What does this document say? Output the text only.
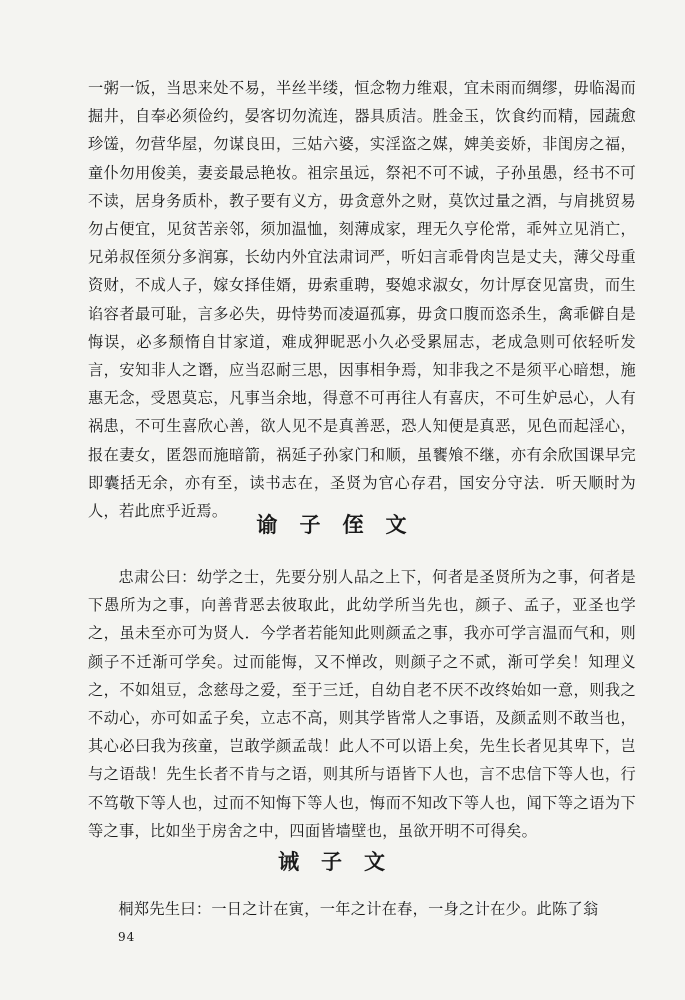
一粥一饭，当思来处不易，半丝半缕，恒念物力维艰，宜未雨而绸缪，毋临渴而掘井，自奉必须俭约，晏客切勿流连，器具质洁。胜金玉，饮食约而精，园蔬愈珍馐，勿营华屋，勿谋良田，三姑六婆，实淫盗之媒，婢美妾娇，非闺房之福，童仆勿用俊美，妻妾最忌艳妆。祖宗虽远，祭祀不可不诚，子孙虽愚，经书不可不读，居身务质朴，教子要有义方，毋贪意外之财，莫饮过量之酒，与肩挑贸易勿占便宜，见贫苦亲邻，须加温恤，刻薄成家，理无久亨伦常，乖舛立见消亡，兄弟叔侄须分多润寡，长幼内外宜法肃词严，听妇言乖骨肉岂是丈夫，薄父母重资财，不成人子，嫁女择佳婿，毋索重聘，娶媳求淑女，勿计厚奁见富贵，而生谄容者最可耻，言多必失，毋恃势而凌逼孤寡，毋贪口腹而恣杀生，禽乖僻自是悔误，必多颓惰自甘家道，难成狎昵恶小久必受累屈志，老成急则可依轻听发言，安知非人之谮，应当忍耐三思，因事相争焉，知非我之不是须平心暗想，施惠无念，受恩莫忘，凡事当余地，得意不可再往人有喜庆，不可生妒忌心，人有祸患，不可生喜欣心善，欲人见不是真善恶，恐人知便是真恶，见色而起淫心，报在妻女，匿怨而施暗箭，祸延子孙家门和顺，虽饔飧不继，亦有余欣国课早完即囊括无余，亦有至，读书志在，圣贤为官心存君，国安分守法．听天顺时为人，若此庶乎近焉。

谕子侄文

忠肃公曰：幼学之士，先要分别人品之上下，何者是圣贤所为之事，何者是下愚所为之事，向善背恶去彼取此，此幼学所当先也，颜子、孟子，亚圣也学之，虽未至亦可为贤人．今学者若能知此则颜孟之事，我亦可学言温而气和，则颜子不迁渐可学矣。过而能悔，又不惮改，则颜子之不贰，渐可学矣！知理义之，不如俎豆，念慈母之爱，至于三迁，自幼自老不厌不改终始如一意，则我之不动心，亦可如孟子矣，立志不高，则其学皆常人之事语，及颜孟则不敢当也，其心必曰我为孩童，岂敢学颜孟哉！此人不可以语上矣，先生长者见其卑下，岂与之语哉！先生长者不肯与之语，则其所与语皆下人也，言不忠信下等人也，行不笃敬下等人也，过而不知悔下等人也，悔而不知改下等人也，闻下等之语为下等之事，比如坐于房舍之中，四面皆墙壁也，虽欲开明不可得矣。

诫子文

桐郑先生曰：一日之计在寅，一年之计在春，一身之计在少。此陈了翁

94
